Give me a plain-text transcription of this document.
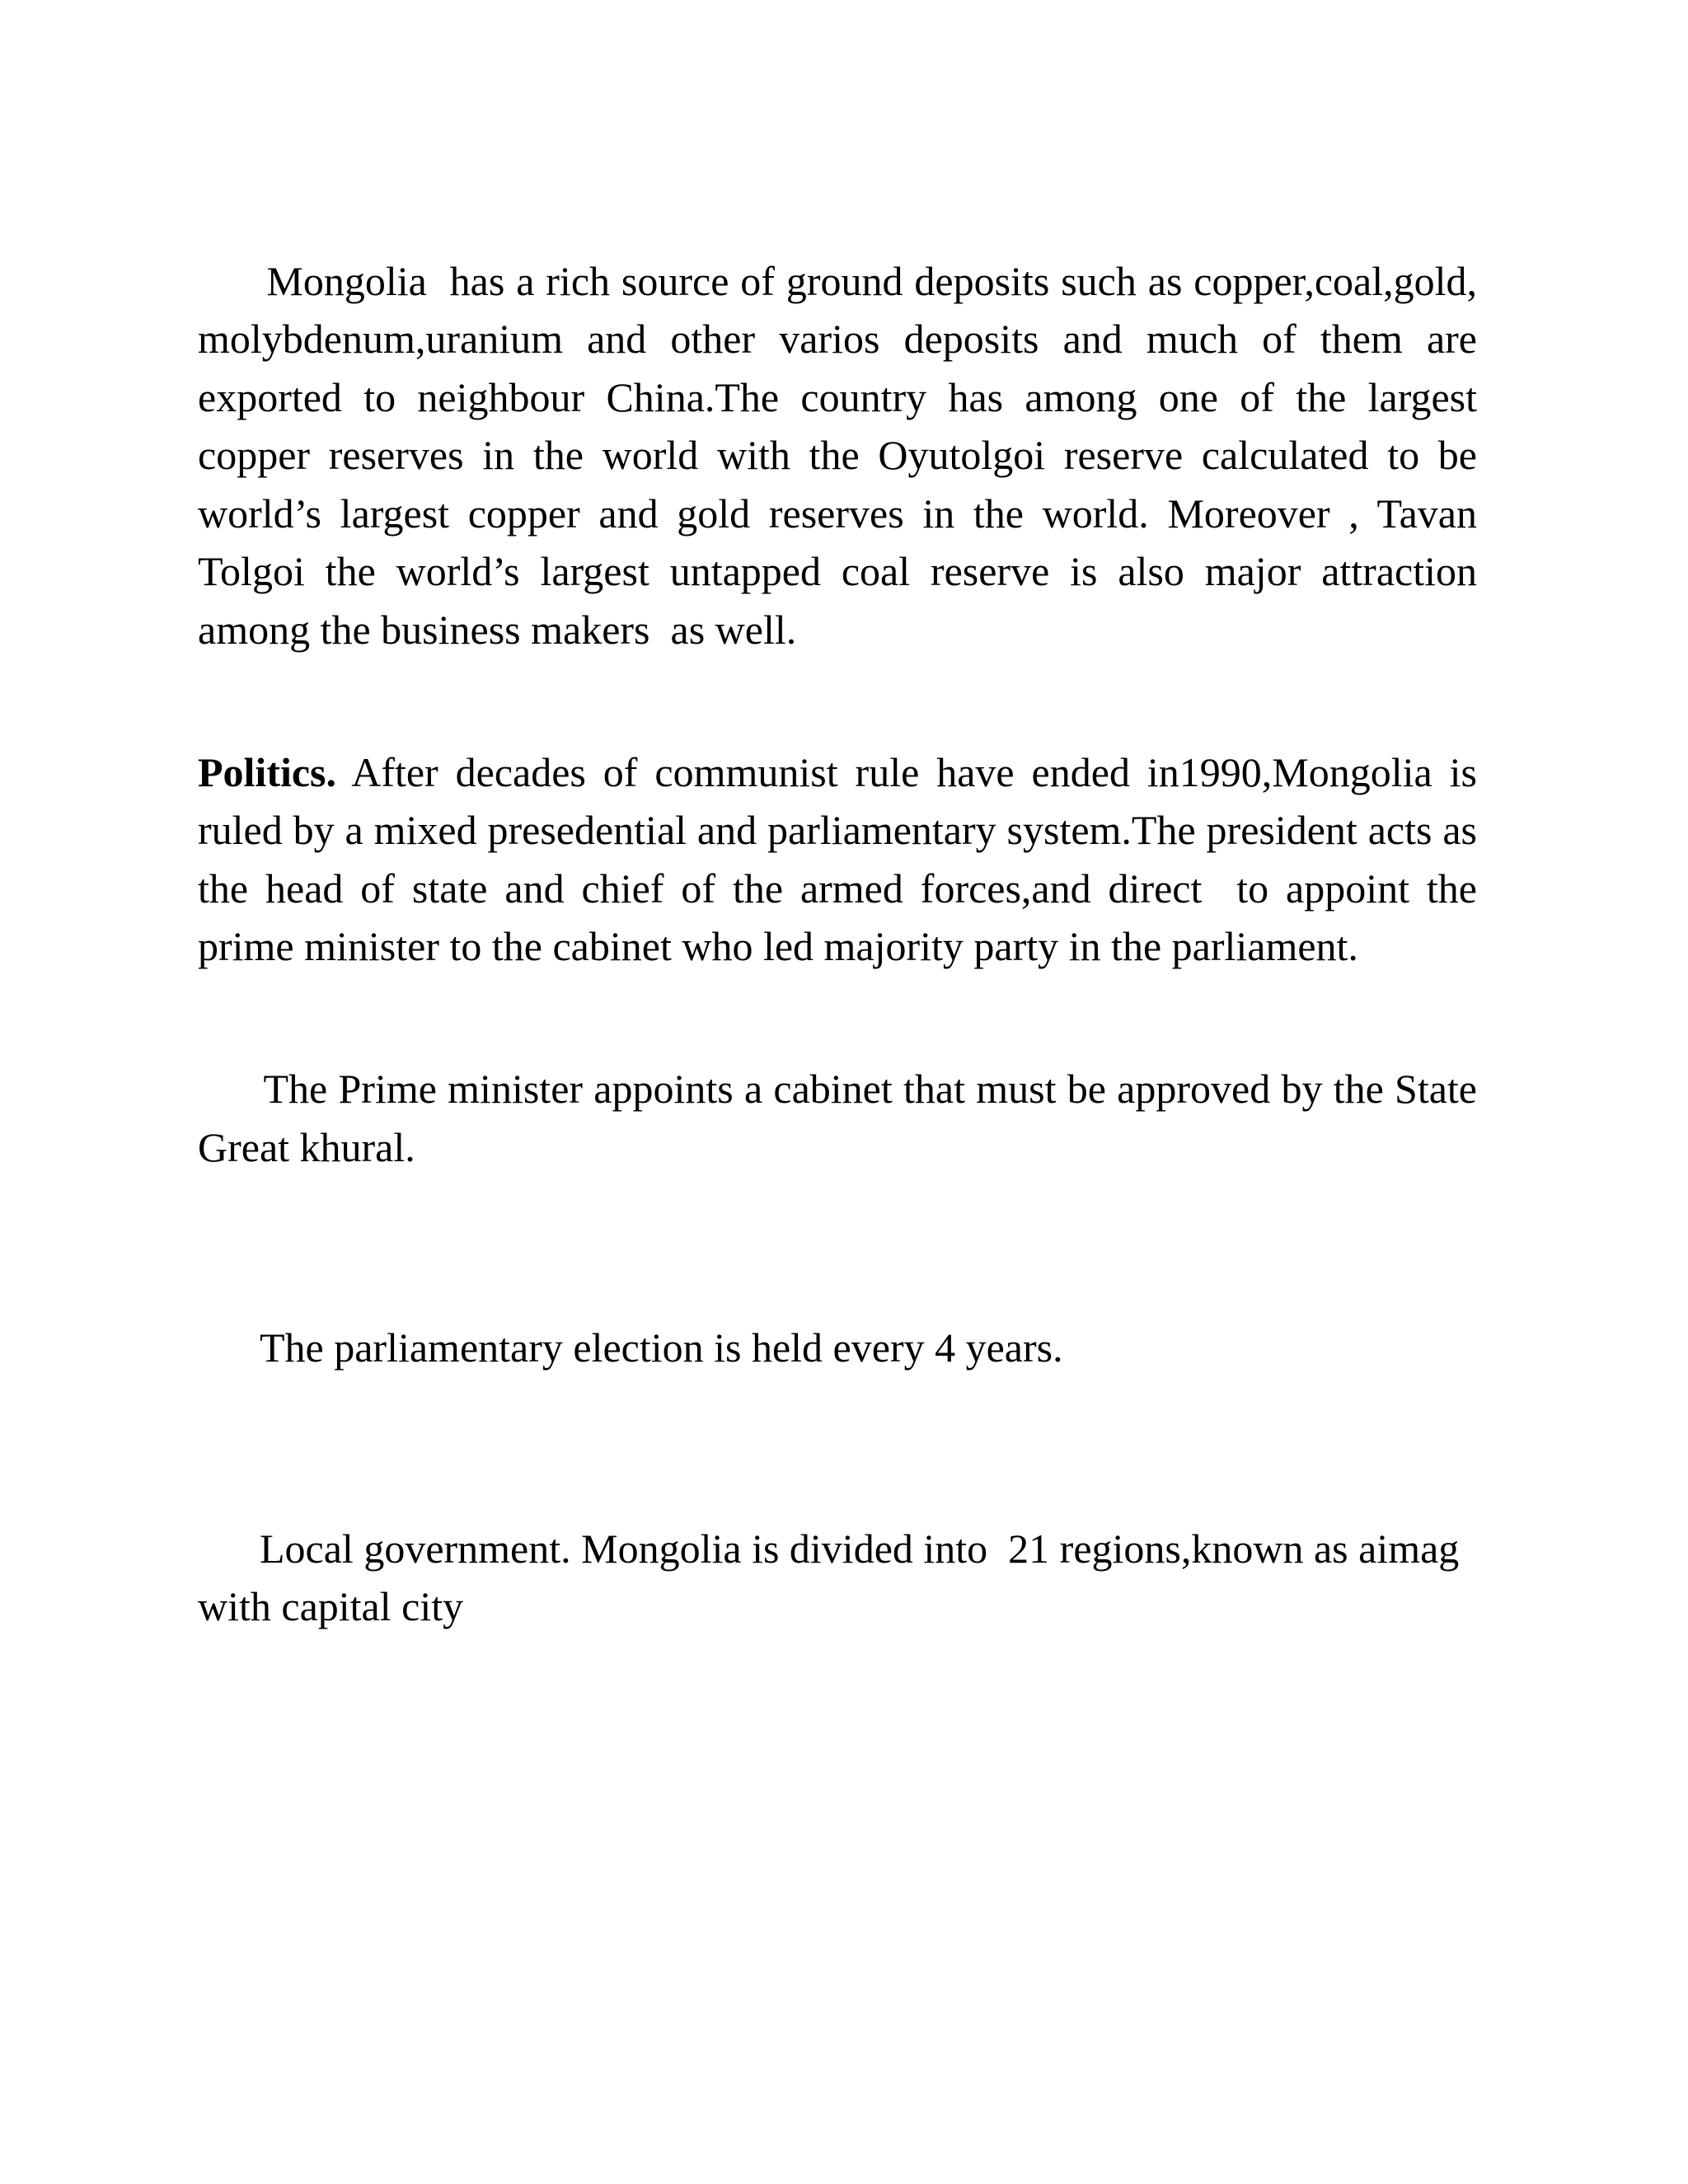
Mongolia  has a rich source of ground deposits such as copper,coal,gold, molybdenum,uranium and other varios deposits and much of them are exported to neighbour China.The country has among one of the largest copper reserves in the world with the Oyutolgoi reserve calculated to be world’s largest copper and gold reserves in the world. Moreover , Tavan Tolgoi the world’s largest untapped coal reserve is also major attraction among the business makers  as well.

Politics. After decades of communist rule have ended in1990,Mongolia is ruled by a mixed presedential and parliamentary system.The president acts as the head of state and chief of the armed forces,and direct  to appoint the prime minister to the cabinet who led majority party in the parliament.

The Prime minister appoints a cabinet that must be approved by the State Great khural.

The parliamentary election is held every 4 years.

Local government. Mongolia is divided into  21 regions,known as aimag with capital city
